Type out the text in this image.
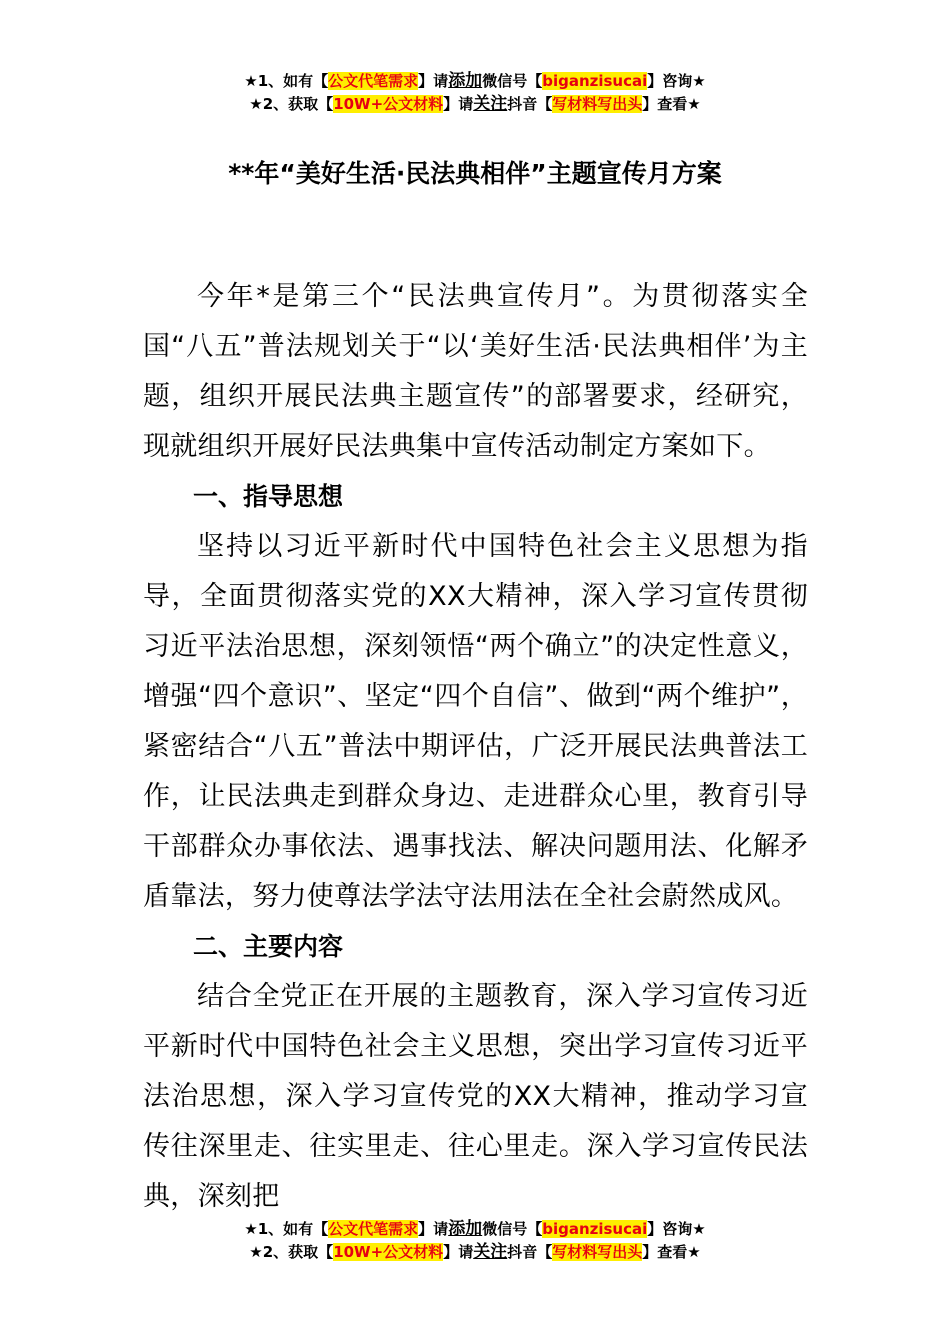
★1、如有【公文代笔需求】请添加微信号【biganzisucai】咨询★
★2、获取【10W+公文材料】请关注抖音【写材料写出头】查看★
**年“美好生活·民法典相伴”主题宣传月方案

今年*是第三个“民法典宣传月”。为贯彻落实全国“八五”普法规划关于“以‘美好生活·民法典相伴’为主题，组织开展民法典主题宣传”的部署要求，经研究，现就组织开展好民法典集中宣传活动制定方案如下。

一、指导思想

坚持以习近平新时代中国特色社会主义思想为指导，全面贯彻落实党的XX大精神，深入学习宣传贯彻习近平法治思想，深刻领悟“两个确立”的决定性意义，增强“四个意识”、坚定“四个自信”、做到“两个维护”，紧密结合“八五”普法中期评估，广泛开展民法典普法工作，让民法典走到群众身边、走进群众心里，教育引导干部群众办事依法、遇事找法、解决问题用法、化解矛盾靠法，努力使尊法学法守法用法在全社会蔚然成风。

二、主要内容

结合全党正在开展的主题教育，深入学习宣传习近平新时代中国特色社会主义思想，突出学习宣传习近平法治思想，深入学习宣传党的XX大精神，推动学习宣传往深里走、往实里走、往心里走。深入学习宣传民法典，深刻把

★1、如有【公文代笔需求】请添加微信号【biganzisucai】咨询★
★2、获取【10W+公文材料】请关注抖音【写材料写出头】查看★
